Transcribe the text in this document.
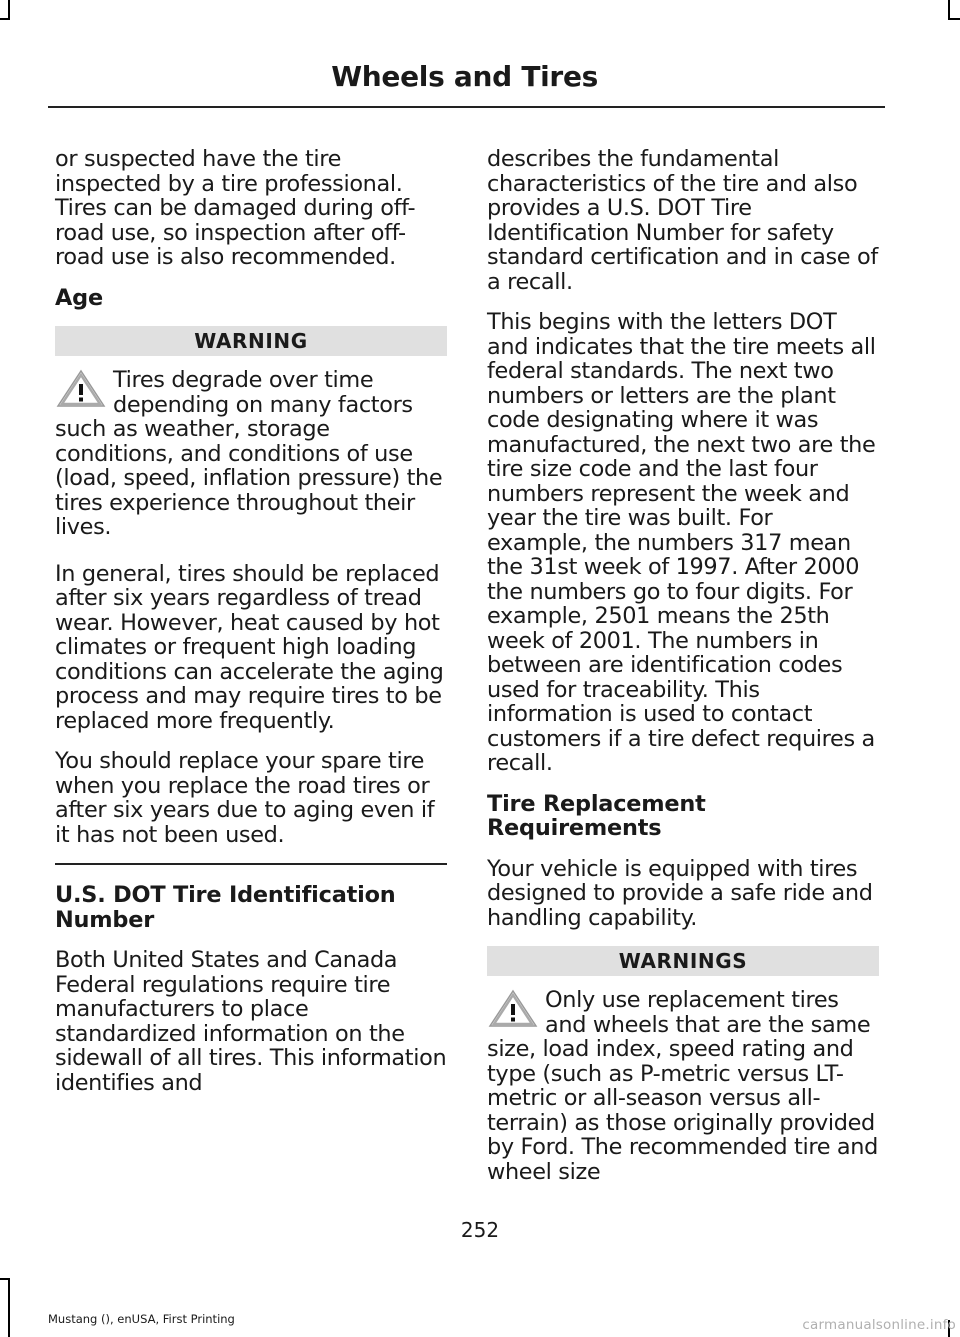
Wheels and Tires

or suspected have the tire inspected by a tire professional. Tires can be damaged during off-road use, so inspection after off-road use is also recommended.

Age
WARNING
Tires degrade over time depending on many factors such as weather, storage conditions, and conditions of use (load, speed, inflation pressure) the tires experience throughout their lives.

In general, tires should be replaced after six years regardless of tread wear. However, heat caused by hot climates or frequent high loading conditions can accelerate the aging process and may require tires to be replaced more frequently.

You should replace your spare tire when you replace the road tires or after six years due to aging even if it has not been used.

U.S. DOT Tire Identification Number

Both United States and Canada Federal regulations require tire manufacturers to place standardized information on the sidewall of all tires. This information identifies and

describes the fundamental characteristics of the tire and also provides a U.S. DOT Tire Identification Number for safety standard certification and in case of a recall.

This begins with the letters DOT and indicates that the tire meets all federal standards. The next two numbers or letters are the plant code designating where it was manufactured, the next two are the tire size code and the last four numbers represent the week and year the tire was built. For example, the numbers 317 mean the 31st week of 1997. After 2000 the numbers go to four digits. For example, 2501 means the 25th week of 2001. The numbers in between are identification codes used for traceability. This information is used to contact customers if a tire defect requires a recall.

Tire Replacement Requirements

Your vehicle is equipped with tires designed to provide a safe ride and handling capability.

WARNINGS
Only use replacement tires and wheels that are the same size, load index, speed rating and type (such as P-metric versus LT-metric or all-season versus all-terrain) as those originally provided by Ford. The recommended tire and wheel size
252
Mustang (), enUSA, First Printing	carmanualsonline.info
